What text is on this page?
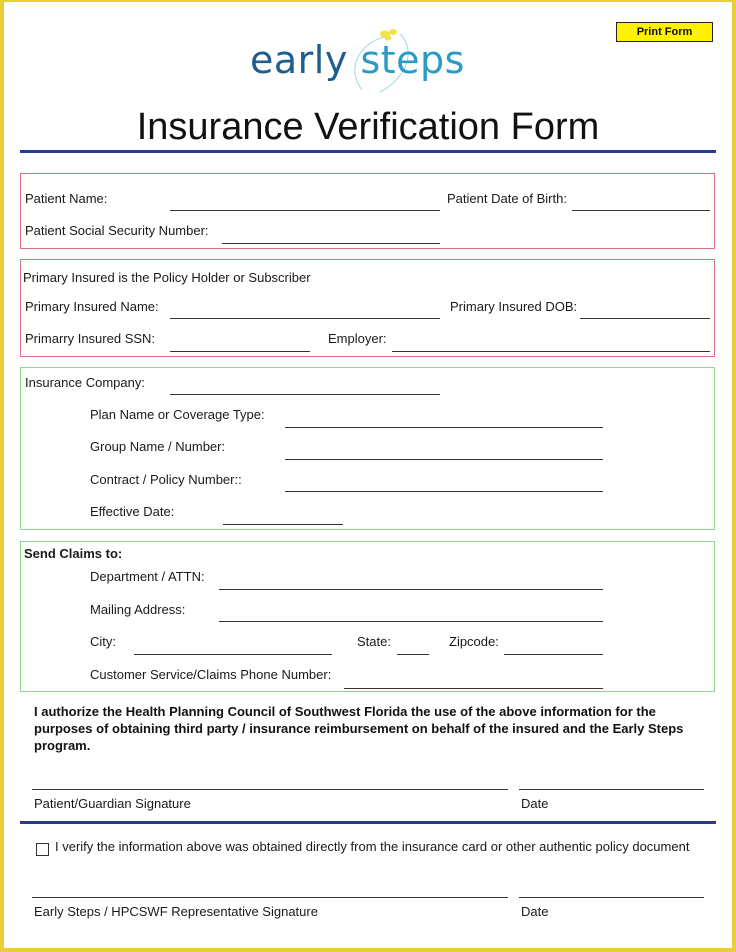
Print Form
early steps
Insurance Verification Form
Patient Name:	Patient Date of Birth:
Patient Social Security Number:
Primary Insured is the Policy Holder or Subscriber
Primary Insured Name:	Primary Insured DOB:
Primarry Insured SSN:	Employer:
Insurance Company:
Plan Name or Coverage Type:
Group Name / Number:
Contract / Policy Number::
Effective Date:
Send Claims to:
Department / ATTN:
Mailing Address:
City:	State:	Zipcode:
Customer Service/Claims Phone Number:
I authorize the Health Planning Council of Southwest Florida the use of the above information for the purposes of obtaining third party / insurance reimbursement on behalf of the insured and the Early Steps program.
Patient/Guardian Signature	Date
I verify the information above was obtained directly from the insurance card or other authentic policy document
Early Steps / HPCSWF Representative Signature	Date
